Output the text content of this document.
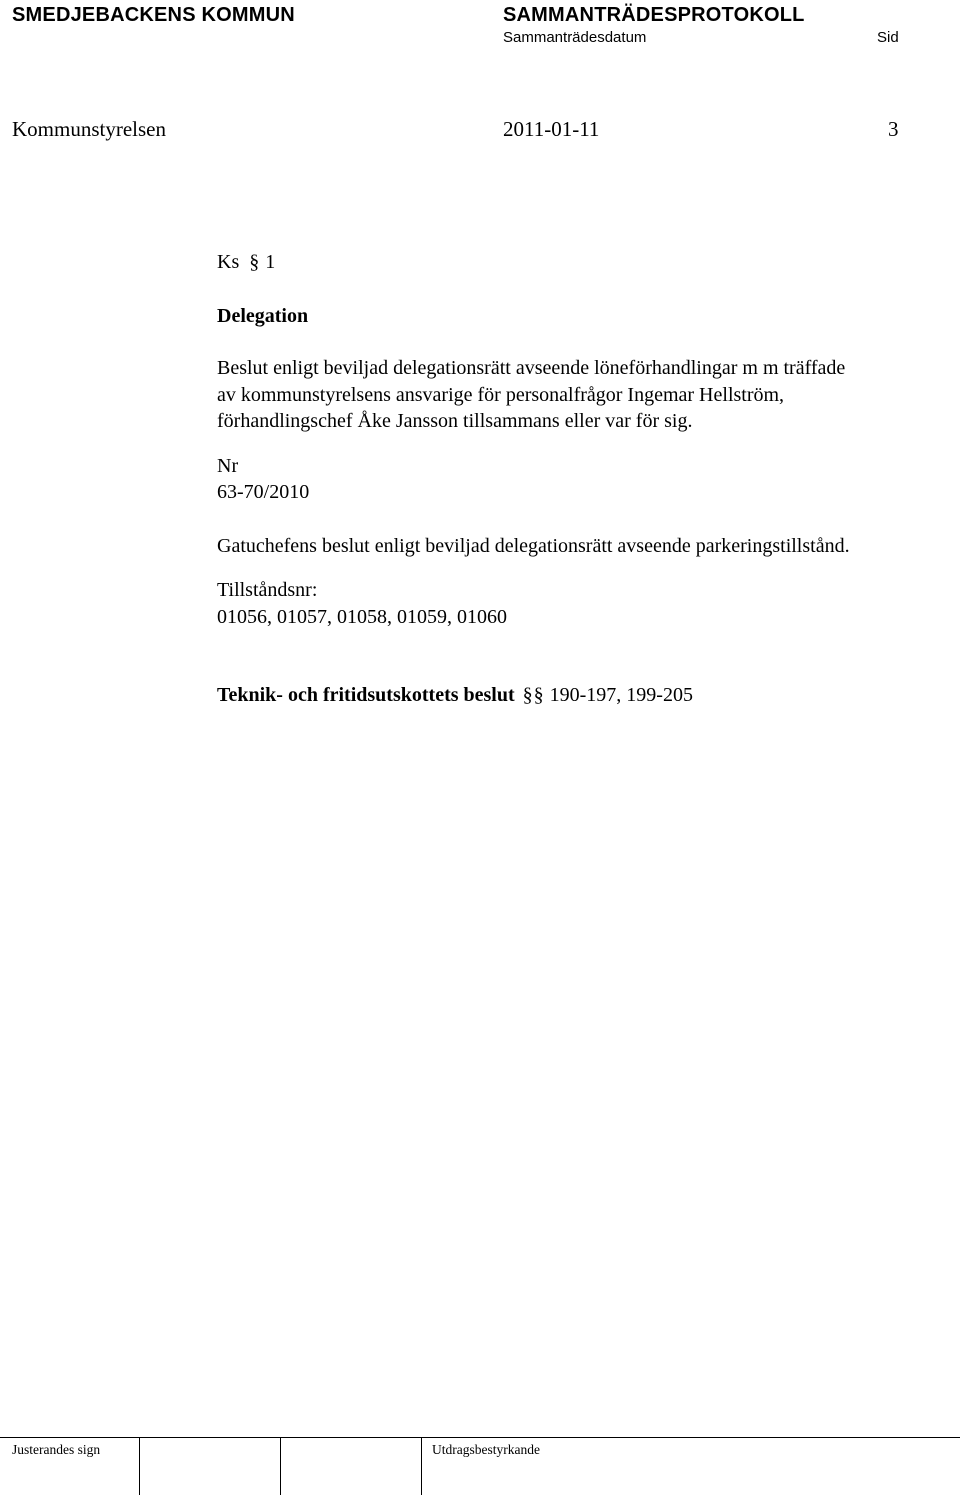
SMEDJEBACKENS KOMMUN	SAMMANTRÄDESPROTOKOLL
Sammanträdesdatum	Sid
Kommunstyrelsen	2011-01-11	3

Ks § 1

Delegation

Beslut enligt beviljad delegationsrätt avseende löneförhandlingar m m träffade
av kommunstyrelsens ansvarige för personalfrågor Ingemar Hellström,
förhandlingschef Åke Jansson tillsammans eller var för sig.

Nr

63-70/2010

Gatuchefens beslut enligt beviljad delegationsrätt avseende parkeringstillstånd.

Tillståndsnr:

01056, 01057, 01058, 01059, 01060

Teknik- och fritidsutskottets beslut §§ 190-197, 199-205

Justerandes sign	Utdragsbestyrkande
